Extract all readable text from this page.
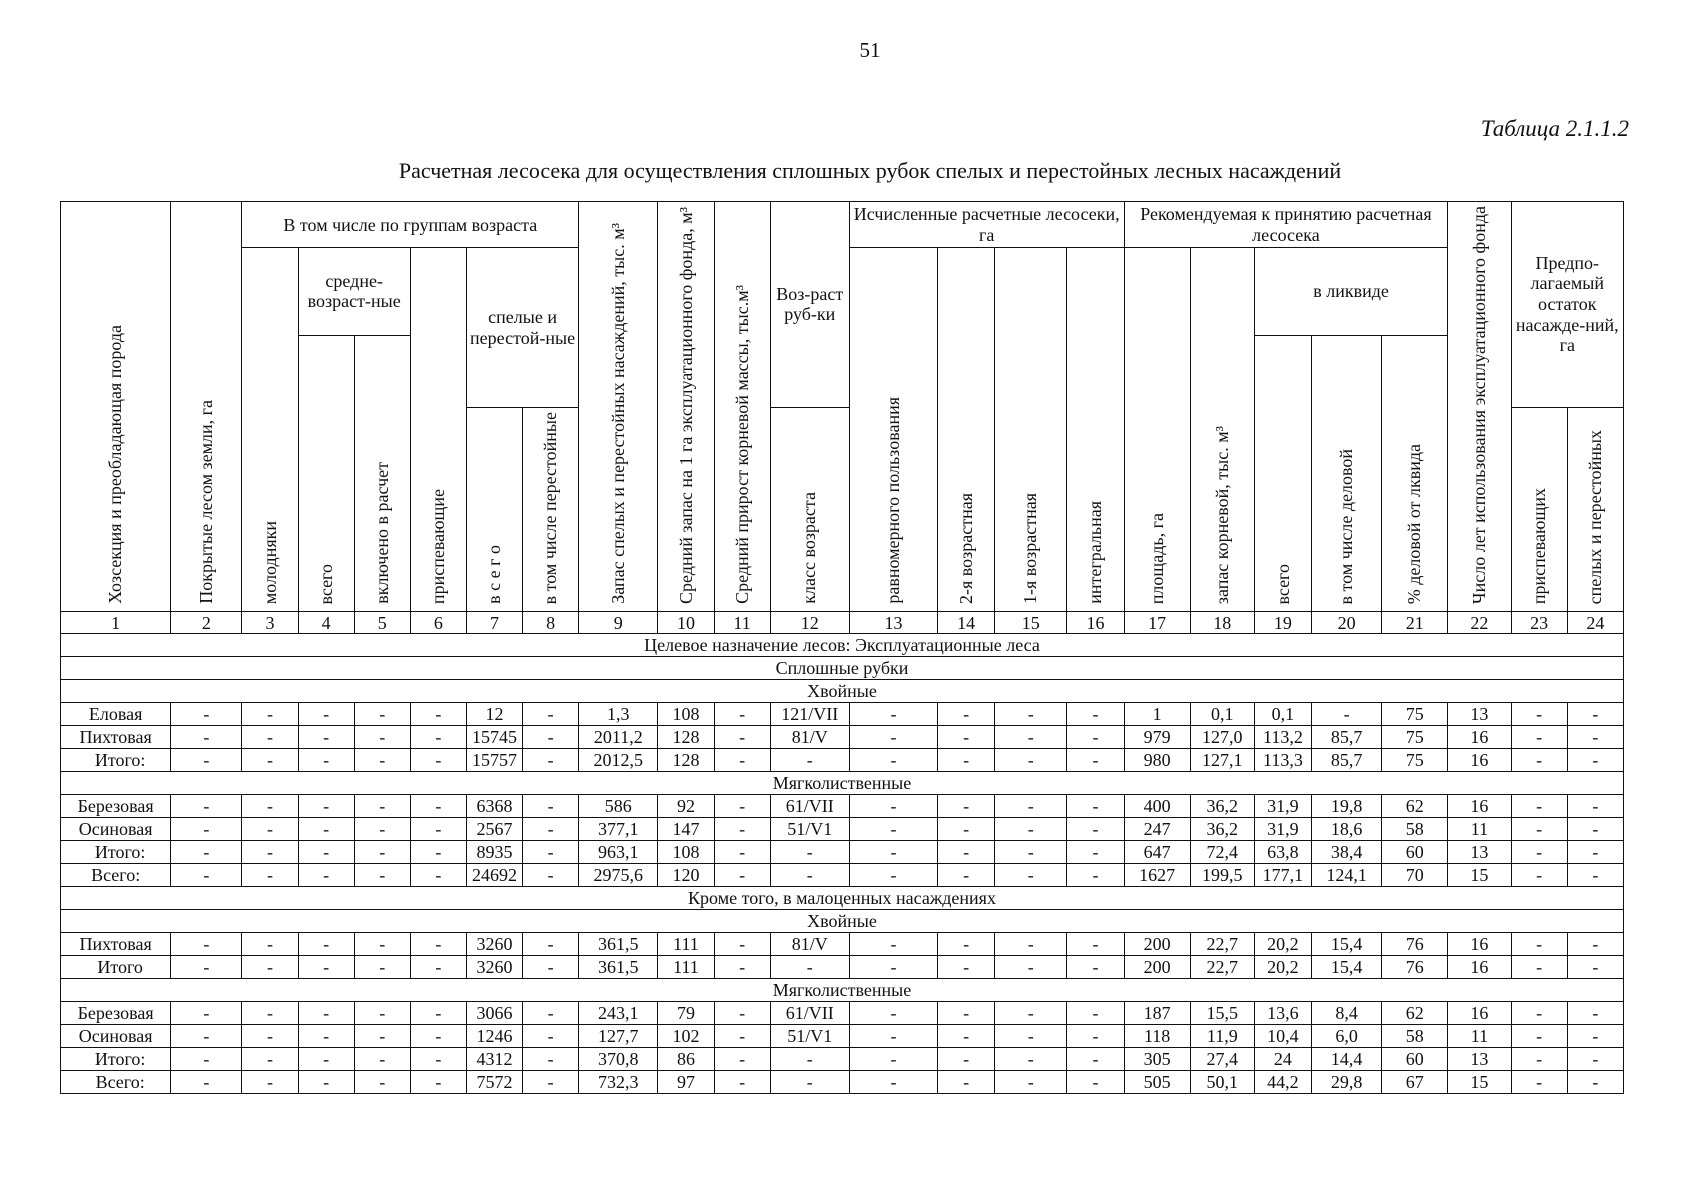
51
Таблица 2.1.1.2
Расчетная лесосека для осуществления сплошных рубок спелых и перестойных лесных насаждений
Хозсекция и преобладающая порода	Покрытые лесом земли, га	В том числе по группам возраста						Запас спелых и перестойных насаждений, тыс. м³	Средний запас на 1 га эксплуатационного фонда, м³	Средний прирост корневой массы, тыс.м³	Воз-раст руб-ки	Исчисленные расчетные лесосеки, га				Рекомендуемая к принятию расчетная лесосека					Число лет использования эксплуатационного фонда	Предпо-лагаемый остаток насажде-ний, га	
		молодняки	средне-возраст-ные		приспевающие	спелые и перестой-ные						равномерного пользования	2-я возрастная	1-я возрастная	интегральная	площадь, га	запас корневой, тыс. м³	в ликвиде					
			всего	включено в расчет														всего	в том числе деловой	% деловой от лквида			
						в с е г о	в том числе перестойные				класс возраста											приспевающих	спелых и перестойных
1	2	3	4	5	6	7	8	9	10	11	12	13	14	15	16	17	18	19	20	21	22	23	24
Целевое назначение лесов: Эксплуатационные леса																							
Сплошные рубки																							
Хвойные																							
Еловая	-	-	-	-	-	12	-	1,3	108	-	121/VII	-	-	-	-	1	0,1	0,1	-	75	13	-	-
Пихтовая	-	-	-	-	-	15745	-	2011,2	128	-	81/V	-	-	-	-	979	127,0	113,2	85,7	75	16	-	-
Итого:	-	-	-	-	-	15757	-	2012,5	128	-	-	-	-	-	-	980	127,1	113,3	85,7	75	16	-	-
Мягколиственные																							
Березовая	-	-	-	-	-	6368	-	586	92	-	61/VII	-	-	-	-	400	36,2	31,9	19,8	62	16	-	-
Осиновая	-	-	-	-	-	2567	-	377,1	147	-	51/V1	-	-	-	-	247	36,2	31,9	18,6	58	11	-	-
Итого:	-	-	-	-	-	8935	-	963,1	108	-	-	-	-	-	-	647	72,4	63,8	38,4	60	13	-	-
Всего:	-	-	-	-	-	24692	-	2975,6	120	-	-	-	-	-	-	1627	199,5	177,1	124,1	70	15	-	-
Кроме того, в малоценных насаждениях																							
Хвойные																							
Пихтовая	-	-	-	-	-	3260	-	361,5	111	-	81/V	-	-	-	-	200	22,7	20,2	15,4	76	16	-	-
Итого	-	-	-	-	-	3260	-	361,5	111	-	-	-	-	-	-	200	22,7	20,2	15,4	76	16	-	-
Мягколиственные																							
Березовая	-	-	-	-	-	3066	-	243,1	79	-	61/VII	-	-	-	-	187	15,5	13,6	8,4	62	16	-	-
Осиновая	-	-	-	-	-	1246	-	127,7	102	-	51/V1	-	-	-	-	118	11,9	10,4	6,0	58	11	-	-
Итого:	-	-	-	-	-	4312	-	370,8	86	-	-	-	-	-	-	305	27,4	24	14,4	60	13	-	-
Всего:	-	-	-	-	-	7572	-	732,3	97	-	-	-	-	-	-	505	50,1	44,2	29,8	67	15	-	-
